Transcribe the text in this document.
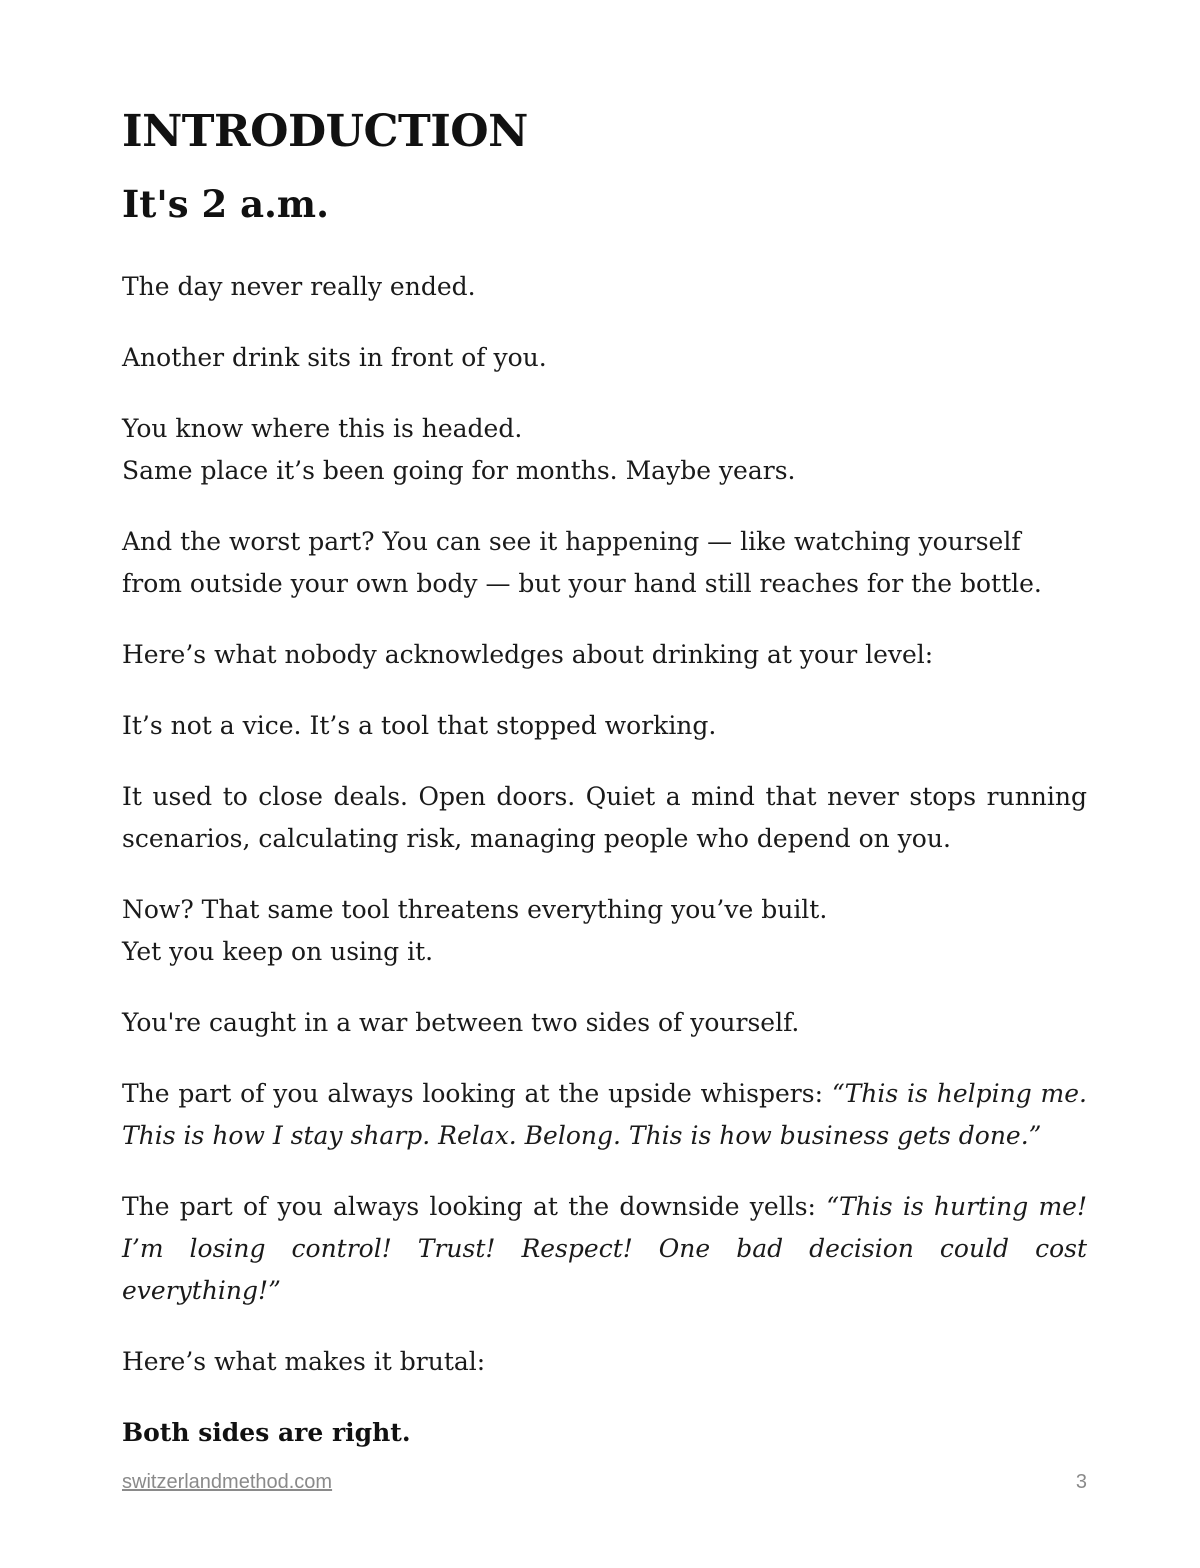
INTRODUCTION
It's 2 a.m.

The day never really ended.

Another drink sits in front of you.

You know where this is headed.
Same place it’s been going for months. Maybe years.

And the worst part? You can see it happening — like watching yourself from outside your own body — but your hand still reaches for the bottle.

Here’s what nobody acknowledges about drinking at your level:

It’s not a vice. It’s a tool that stopped working.

It used to close deals. Open doors. Quiet a mind that never stops running scenarios, calculating risk, managing people who depend on you.

Now? That same tool threatens everything you’ve built.
Yet you keep on using it.

You're caught in a war between two sides of yourself.

The part of you always looking at the upside whispers: “This is helping me. This is how I stay sharp. Relax. Belong. This is how business gets done.”

The part of you always looking at the downside yells: “This is hurting me! I’m losing control! Trust! Respect! One bad decision could cost everything!”

Here’s what makes it brutal:

Both sides are right.

switzerlandmethod.com	3
